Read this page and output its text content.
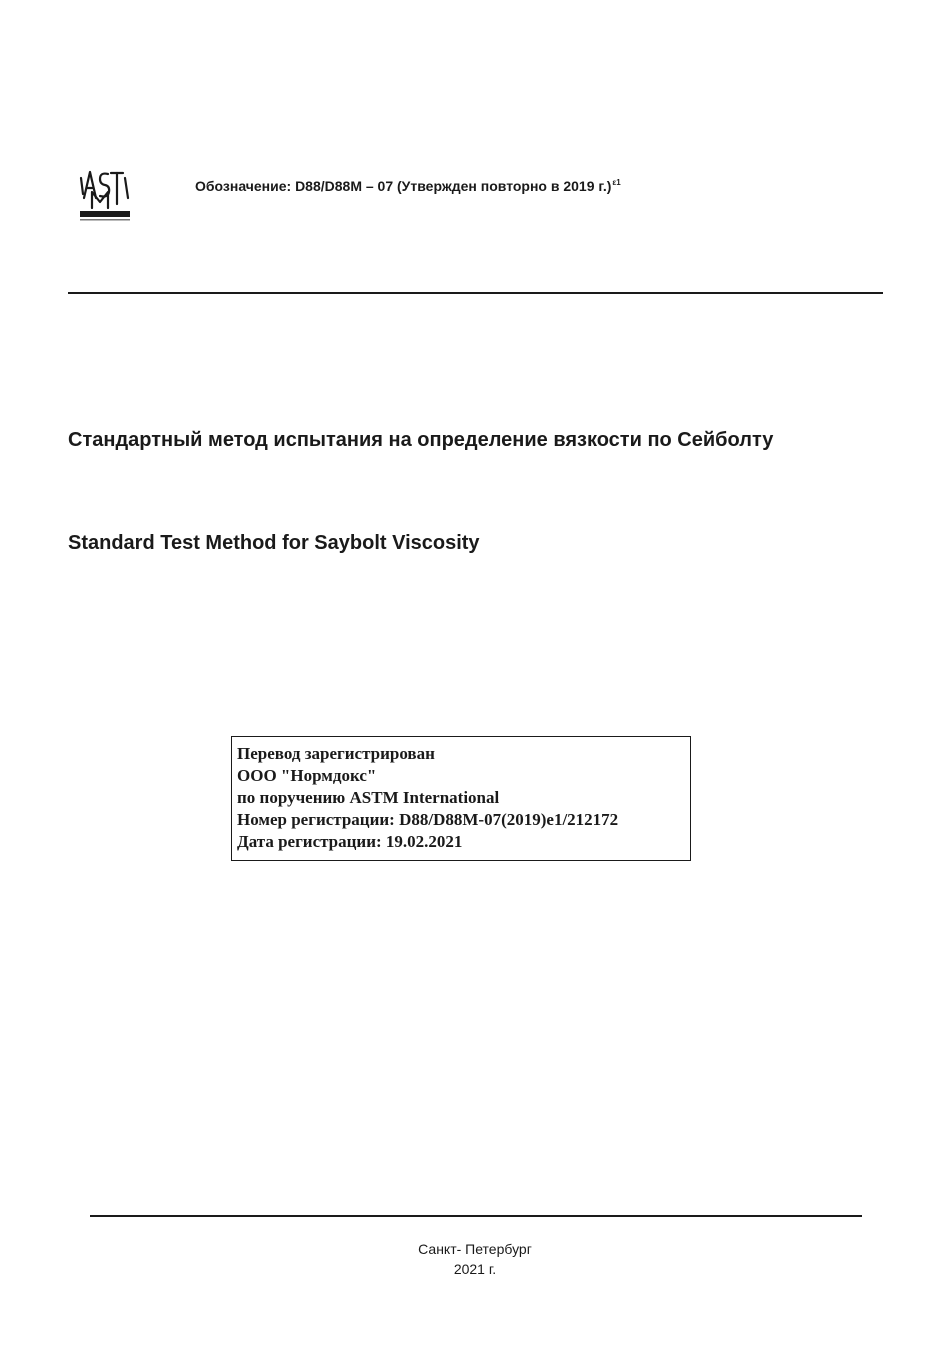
Обозначение: D88/D88M – 07 (Утвержден повторно в 2019 г.)$^{\varepsilon 1}$
Стандартный метод испытания на определение вязкости по Сейболту
Standard Test Method for Saybolt Viscosity
Перевод зарегистрирован
ООО "Нормдокс"
по поручению ASTM International
Номер регистрации: D88/D88M-07(2019)e1/212172
Дата регистрации: 19.02.2021
Санкт- Петербург
2021 г.
